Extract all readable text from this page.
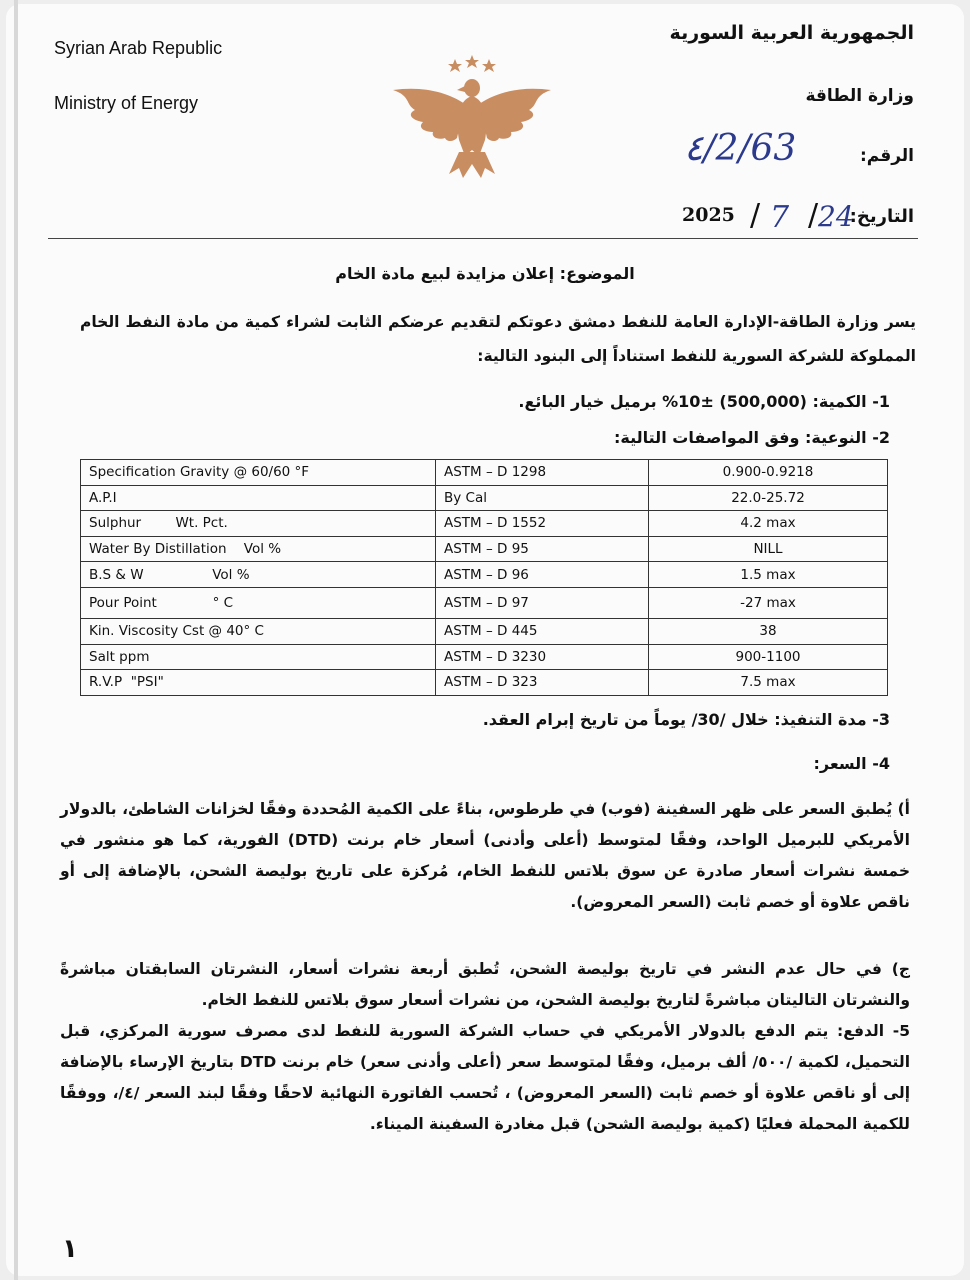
Syrian Arab Republic
Ministry of Energy
الجمهورية العربية السورية
وزارة الطاقة
الرقم:
٤/2/63
التاريخ:
2025 / 7 / 24
الموضوع: إعلان مزايدة لبيع مادة الخام
يسر وزارة الطاقة-الإدارة العامة للنفط دمشق دعوتكم لتقديم عرضكم الثابت لشراء كمية من مادة النفط الخام المملوكة للشركة السورية للنفط استناداً إلى البنود التالية:
1- الكمية: (500,000) ±10% برميل خيار البائع.
2- النوعية: وفق المواصفات التالية:
Specification Gravity @ 60/60 °F	ASTM – D 1298	0.900-0.9218
A.P.I	By Cal	22.0-25.72
Sulphur        Wt. Pct.	ASTM – D 1552	4.2 max
Water By Distillation    Vol %	ASTM – D 95	NILL
B.S & W                Vol %	ASTM – D 96	1.5 max
Pour Point             ° C	ASTM – D 97	-27 max
Kin. Viscosity Cst @ 40° C	ASTM – D 445	38
Salt ppm	ASTM – D 3230	900-1100
R.V.P  "PSI"	ASTM – D 323	7.5 max
3- مدة التنفيذ: خلال /30/ يوماً من تاريخ إبرام العقد.
4- السعر:
أ) يُطبق السعر على ظهر السفينة (فوب) في طرطوس، بناءً على الكمية المُحددة وفقًا لخزانات الشاطئ، بالدولار الأمريكي للبرميل الواحد، وفقًا لمتوسط (أعلى وأدنى) أسعار خام برنت (DTD) الفورية، كما هو منشور في خمسة نشرات أسعار صادرة عن سوق بلاتس للنفط الخام، مُركزة على تاريخ بوليصة الشحن، بالإضافة إلى أو ناقص علاوة أو خصم ثابت (السعر المعروض).
ج) في حال عدم النشر في تاريخ بوليصة الشحن، تُطبق أربعة نشرات أسعار، النشرتان السابقتان مباشرةً والنشرتان التاليتان مباشرةً لتاريخ بوليصة الشحن، من نشرات أسعار سوق بلاتس للنفط الخام.
5- الدفع: يتم الدفع بالدولار الأمريكي في حساب الشركة السورية للنفط لدى مصرف سورية المركزي، قبل التحميل، لكمية /٥٠٠/ ألف برميل، وفقًا لمتوسط سعر (أعلى وأدنى سعر) خام برنت DTD بتاريخ الإرساء بالإضافة إلى أو ناقص علاوة أو خصم ثابت (السعر المعروض) ، تُحسب الفاتورة النهائية لاحقًا وفقًا لبند السعر /٤/، ووفقًا للكمية المحملة فعليًا (كمية بوليصة الشحن) قبل مغادرة السفينة الميناء.
١
